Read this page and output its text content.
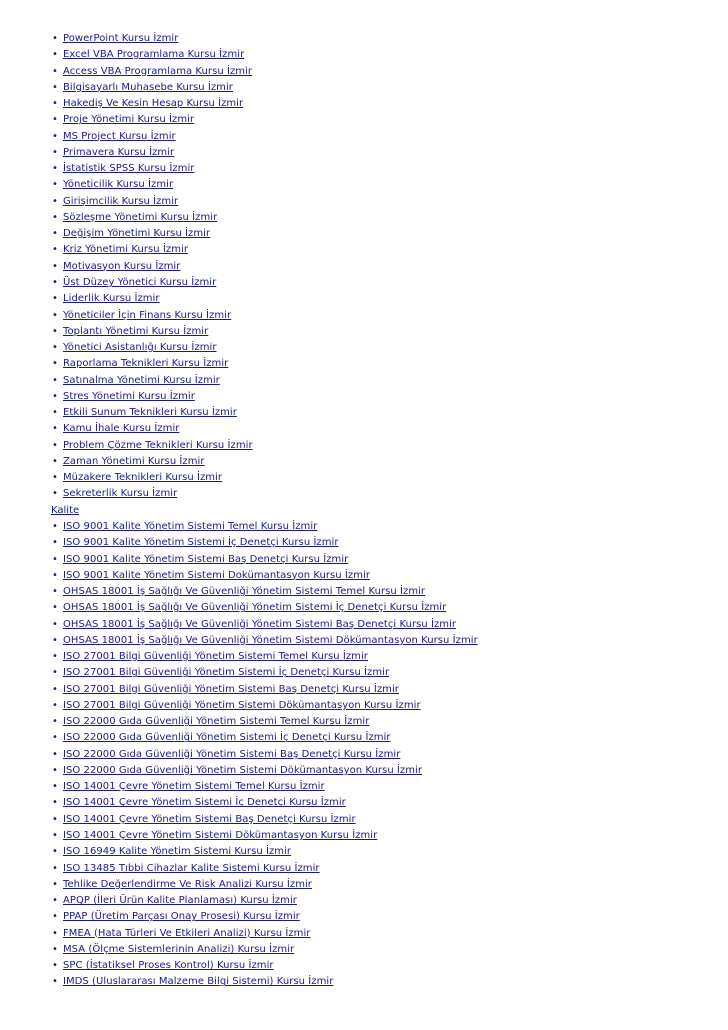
• PowerPoint Kursu İzmir
• Excel VBA Programlama Kursu İzmir
• Access VBA Programlama Kursu İzmir
• Bilgisayarlı Muhasebe Kursu İzmir
• Hakediş Ve Kesin Hesap Kursu İzmir
• Proje Yönetimi Kursu İzmir
• MS Project Kursu İzmir
• Primavera Kursu İzmir
• İstatistik SPSS Kursu İzmir
• Yöneticilik Kursu İzmir
• Girişimcilik Kursu İzmir
• Sözleşme Yönetimi Kursu İzmir
• Değişim Yönetimi Kursu İzmir
• Kriz Yönetimi Kursu İzmir
• Motivasyon Kursu İzmir
• Üst Düzey Yönetici Kursu İzmir
• Liderlik Kursu İzmir
• Yöneticiler İçin Finans Kursu İzmir
• Toplantı Yönetimi Kursu İzmir
• Yönetici Asistanlığı Kursu İzmir
• Raporlama Teknikleri Kursu İzmir
• Satınalma Yönetimi Kursu İzmir
• Stres Yönetimi Kursu İzmir
• Etkili Sunum Teknikleri Kursu İzmir
• Kamu İhale Kursu İzmir
• Problem Çözme Teknikleri Kursu İzmir
• Zaman Yönetimi Kursu İzmir
• Müzakere Teknikleri Kursu İzmir
• Sekreterlik Kursu İzmir
Kalite
• ISO 9001 Kalite Yönetim Sistemi Temel Kursu İzmir
• ISO 9001 Kalite Yönetim Sistemi İç Denetçi Kursu İzmir
• ISO 9001 Kalite Yönetim Sistemi Baş Denetçi Kursu İzmir
• ISO 9001 Kalite Yönetim Sistemi Dokümantasyon Kursu İzmir
• OHSAS 18001 İş Sağlığı Ve Güvenliği Yönetim Sistemi Temel Kursu İzmir
• OHSAS 18001 İş Sağlığı Ve Güvenliği Yönetim Sistemi İç Denetçi Kursu İzmir
• OHSAS 18001 İş Sağlığı Ve Güvenliği Yönetim Sistemi Baş Denetçi Kursu İzmir
• OHSAS 18001 İş Sağlığı Ve Güvenliği Yönetim Sistemi Dökümantasyon Kursu İzmir
• ISO 27001 Bilgi Güvenliği Yönetim Sistemi Temel Kursu İzmir
• ISO 27001 Bilgi Güvenliği Yönetim Sistemi İç Denetçi Kursu İzmir
• ISO 27001 Bilgi Güvenliği Yönetim Sistemi Baş Denetçi Kursu İzmir
• ISO 27001 Bilgi Güvenliği Yönetim Sistemi Dökümantasyon Kursu İzmir
• ISO 22000 Gıda Güvenliği Yönetim Sistemi Temel Kursu İzmir
• ISO 22000 Gıda Güvenliği Yönetim Sistemi İç Denetçi Kursu İzmir
• ISO 22000 Gıda Güvenliği Yönetim Sistemi Baş Denetçi Kursu İzmir
• ISO 22000 Gıda Güvenliği Yönetim Sistemi Dökümantasyon Kursu İzmir
• ISO 14001 Çevre Yönetim Sistemi Temel Kursu İzmir
• ISO 14001 Çevre Yönetim Sistemi İç Denetçi Kursu İzmir
• ISO 14001 Çevre Yönetim Sistemi Baş Denetçi Kursu İzmir
• ISO 14001 Çevre Yönetim Sistemi Dökümantasyon Kursu İzmir
• ISO 16949 Kalite Yönetim Sistemi Kursu İzmir
• ISO 13485 Tıbbi Cihazlar Kalite Sistemi Kursu İzmir
• Tehlike Değerlendirme Ve Risk Analizi Kursu İzmir
• APQP (İleri Ürün Kalite Planlaması) Kursu İzmir
• PPAP (Üretim Parçası Onay Prosesi) Kursu İzmir
• FMEA (Hata Türleri Ve Etkileri Analizi) Kursu İzmir
• MSA (Ölçme Sistemlerinin Analizi) Kursu İzmir
• SPC (İstatiksel Proses Kontrol) Kursu İzmir
• IMDS (Uluslararası Malzeme Bilgi Sistemi) Kursu İzmir
